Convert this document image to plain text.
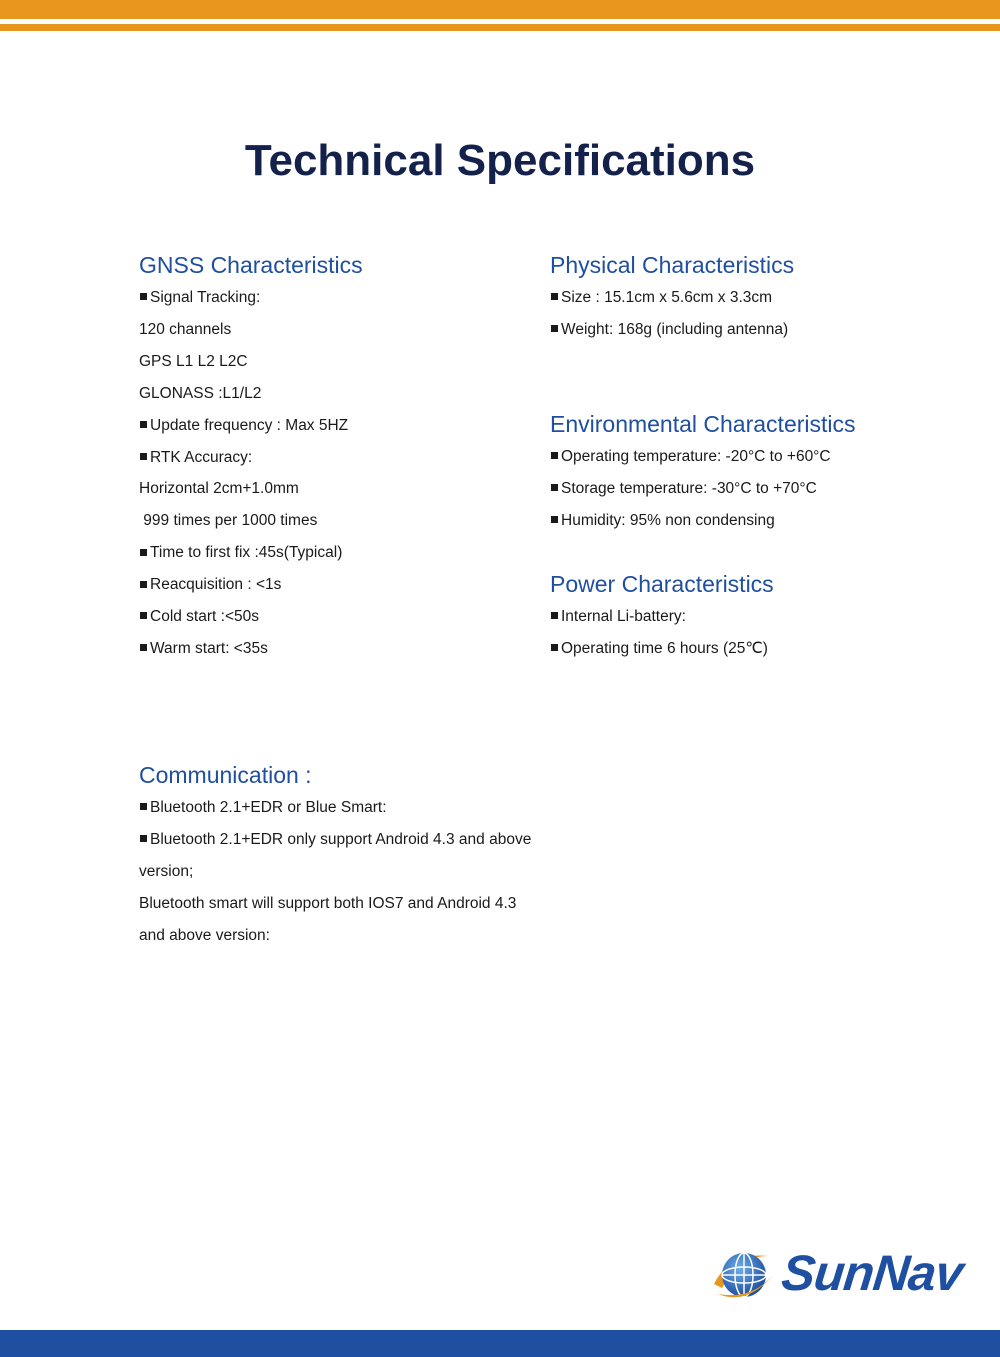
Technical Specifications
GNSS Characteristics
Signal Tracking:
120 channels
GPS L1 L2 L2C
GLONASS :L1/L2
Update frequency : Max 5HZ
RTK Accuracy:
Horizontal 2cm+1.0mm
999 times per 1000 times
Time to first fix :45s(Typical)
Reacquisition : <1s
Cold start :<50s
Warm start: <35s
Physical Characteristics
Size : 15.1cm x 5.6cm x 3.3cm
Weight: 168g (including antenna)
Environmental Characteristics
Operating temperature: -20°C to +60°C
Storage temperature: -30°C to +70°C
Humidity: 95% non condensing
Power Characteristics
Internal Li-battery:
Operating time 6 hours (25℃)
Communication :
Bluetooth 2.1+EDR or Blue Smart:
Bluetooth 2.1+EDR only support Android 4.3 and above
version;
Bluetooth smart will support both IOS7 and Android 4.3
and above version:
SunNav
